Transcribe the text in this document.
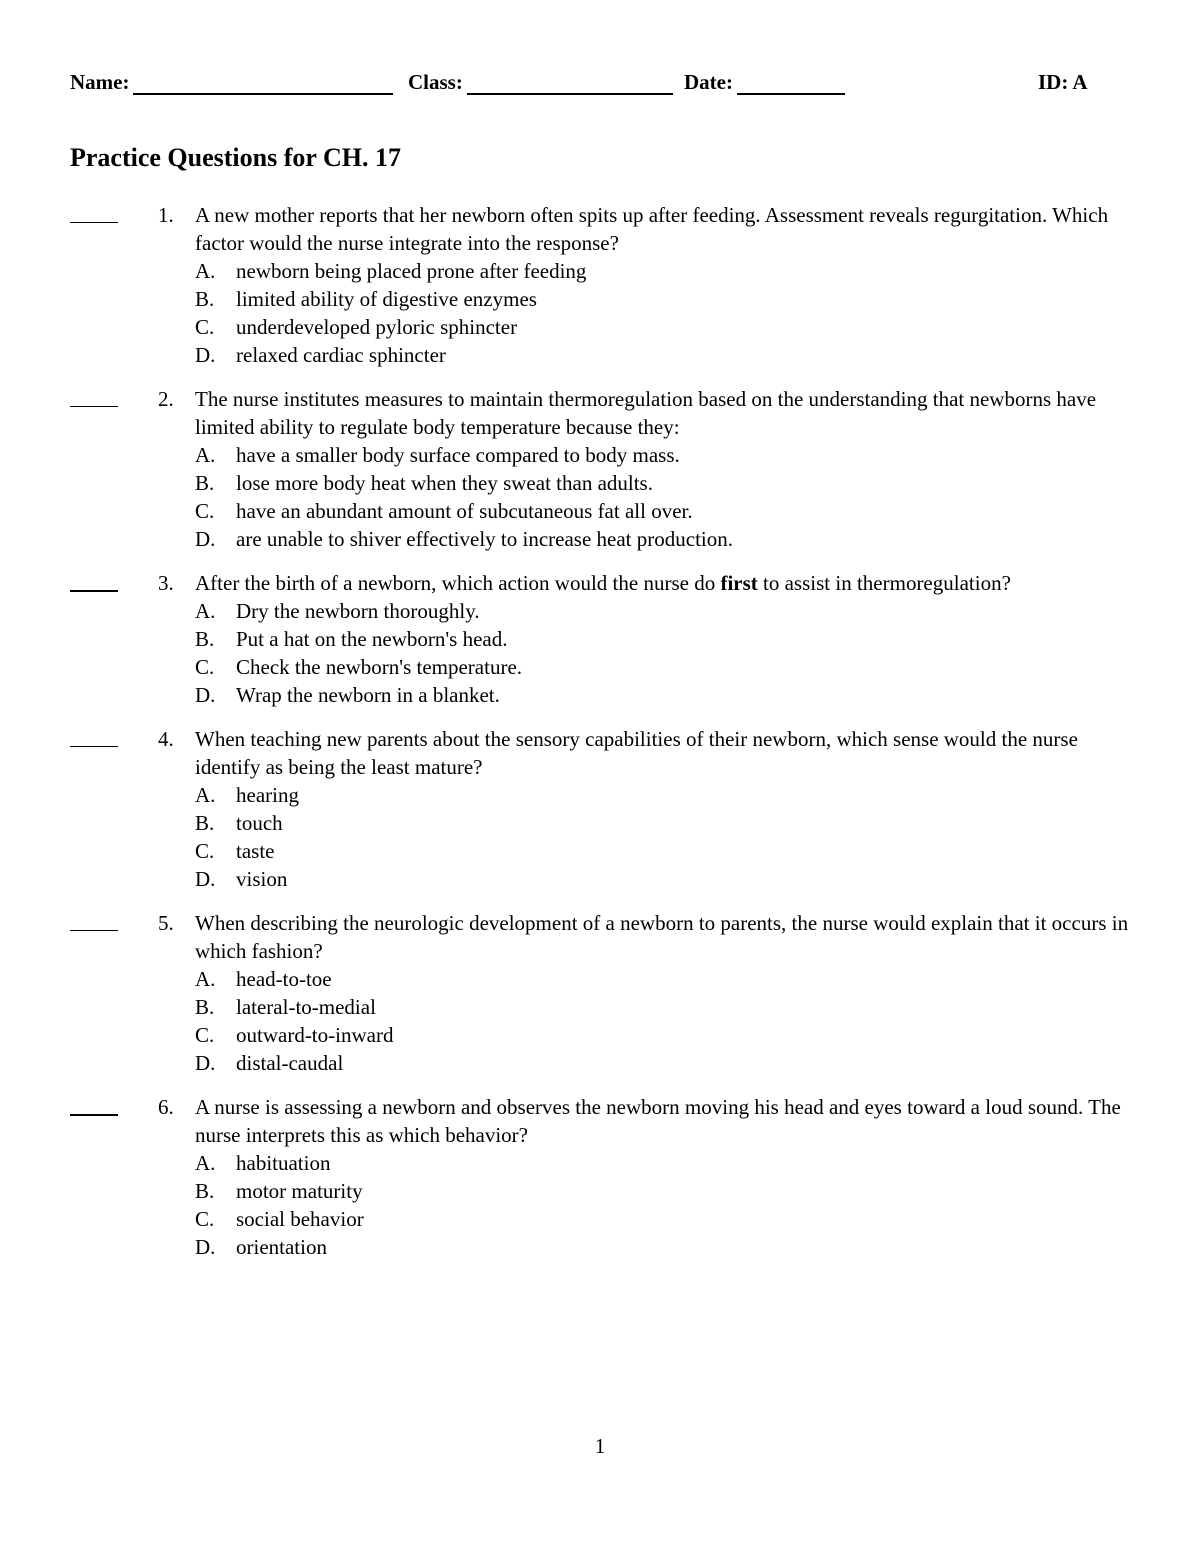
Name:	Class:	Date:	ID: A
Practice Questions for CH. 17
1. A new mother reports that her newborn often spits up after feeding. Assessment reveals regurgitation. Which factor would the nurse integrate into the response?
A. newborn being placed prone after feeding
B. limited ability of digestive enzymes
C. underdeveloped pyloric sphincter
D. relaxed cardiac sphincter
2. The nurse institutes measures to maintain thermoregulation based on the understanding that newborns have limited ability to regulate body temperature because they:
A. have a smaller body surface compared to body mass.
B. lose more body heat when they sweat than adults.
C. have an abundant amount of subcutaneous fat all over.
D. are unable to shiver effectively to increase heat production.
3. After the birth of a newborn, which action would the nurse do first to assist in thermoregulation?
A. Dry the newborn thoroughly.
B. Put a hat on the newborn's head.
C. Check the newborn's temperature.
D. Wrap the newborn in a blanket.
4. When teaching new parents about the sensory capabilities of their newborn, which sense would the nurse identify as being the least mature?
A. hearing
B. touch
C. taste
D. vision
5. When describing the neurologic development of a newborn to parents, the nurse would explain that it occurs in which fashion?
A. head-to-toe
B. lateral-to-medial
C. outward-to-inward
D. distal-caudal
6. A nurse is assessing a newborn and observes the newborn moving his head and eyes toward a loud sound. The nurse interprets this as which behavior?
A. habituation
B. motor maturity
C. social behavior
D. orientation
1
